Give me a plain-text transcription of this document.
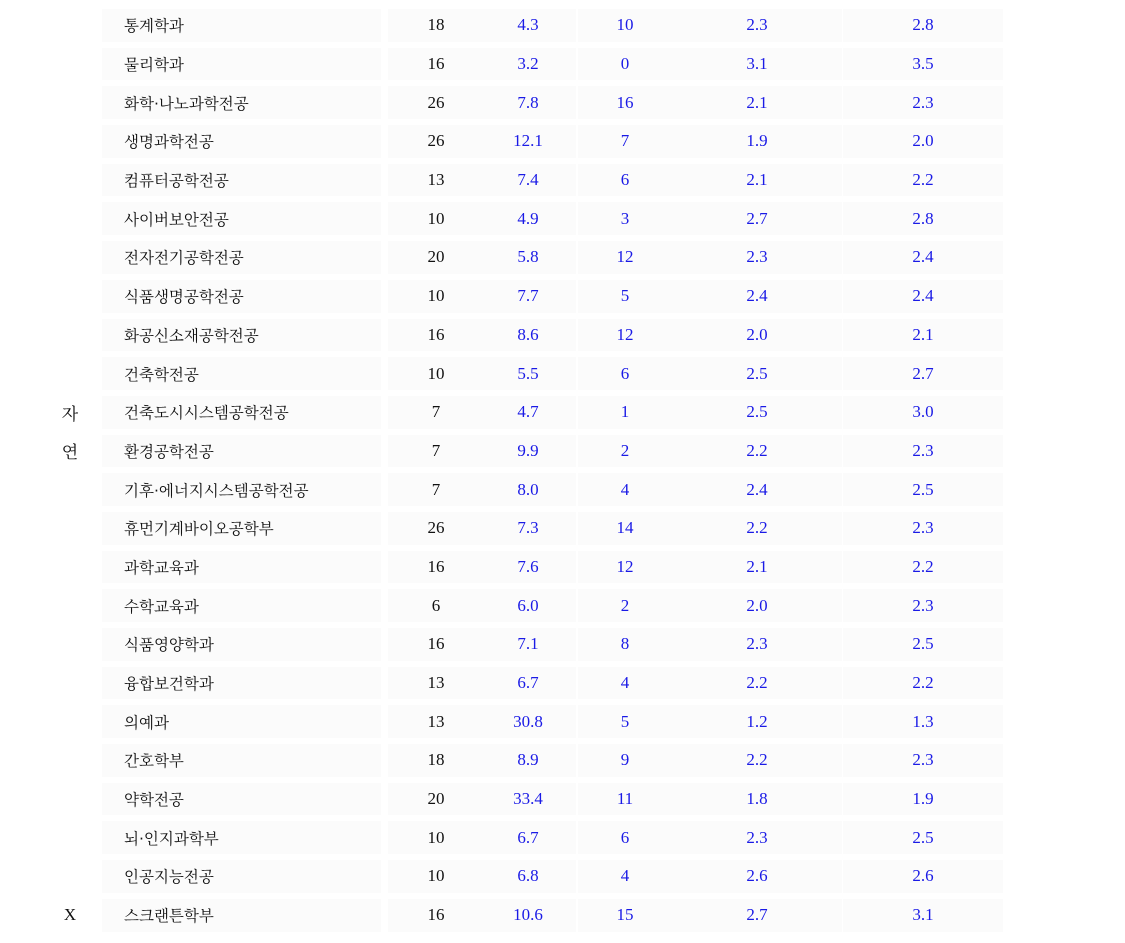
통계학과	18	4.3	10	2.3	2.8
물리학과	16	3.2	0	3.1	3.5
화학·나노과학전공	26	7.8	16	2.1	2.3
생명과학전공	26	12.1	7	1.9	2.0
컴퓨터공학전공	13	7.4	6	2.1	2.2
사이버보안전공	10	4.9	3	2.7	2.8
전자전기공학전공	20	5.8	12	2.3	2.4
식품생명공학전공	10	7.7	5	2.4	2.4
화공신소재공학전공	16	8.6	12	2.0	2.1
건축학전공	10	5.5	6	2.5	2.7
자	건축도시시스템공학전공	7	4.7	1	2.5	3.0
연	환경공학전공	7	9.9	2	2.2	2.3
기후·에너지시스템공학전공	7	8.0	4	2.4	2.5
휴먼기계바이오공학부	26	7.3	14	2.2	2.3
과학교육과	16	7.6	12	2.1	2.2
수학교육과	6	6.0	2	2.0	2.3
식품영양학과	16	7.1	8	2.3	2.5
융합보건학과	13	6.7	4	2.2	2.2
의예과	13	30.8	5	1.2	1.3
간호학부	18	8.9	9	2.2	2.3
약학전공	20	33.4	11	1.8	1.9
뇌·인지과학부	10	6.7	6	2.3	2.5
인공지능전공	10	6.8	4	2.6	2.6
X	스크랜튼학부	16	10.6	15	2.7	3.1
